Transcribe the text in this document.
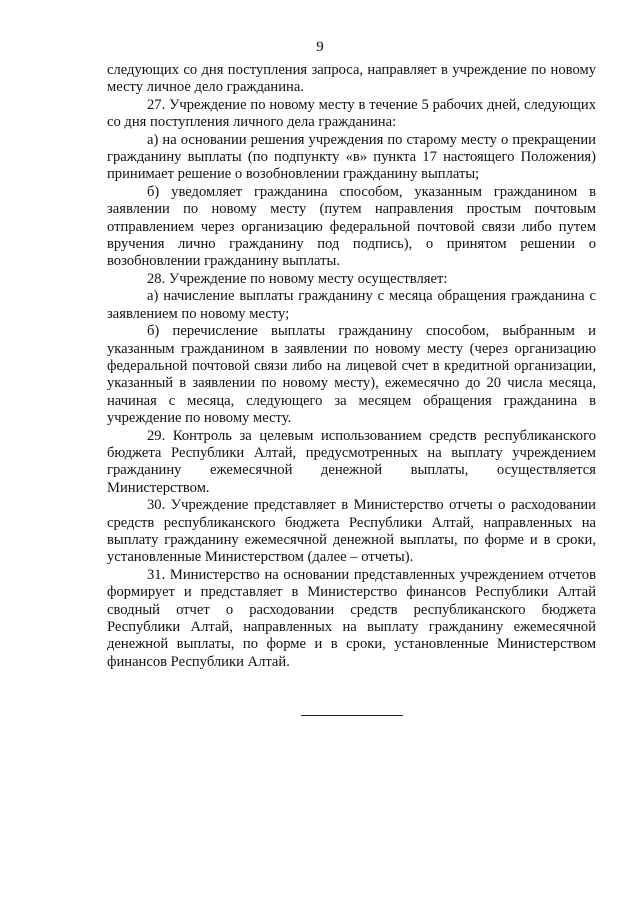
9

следующих со дня поступления запроса, направляет в учреждение по новому месту личное дело гражданина.

27. Учреждение по новому месту в течение 5 рабочих дней, следующих со дня поступления личного дела гражданина:

а) на основании решения учреждения по старому месту о прекращении гражданину выплаты (по подпункту «в» пункта 17 настоящего Положения) принимает решение о возобновлении гражданину выплаты;

б) уведомляет гражданина способом, указанным гражданином в заявлении по новому месту (путем направления простым почтовым отправлением через организацию федеральной почтовой связи либо путем вручения лично гражданину под подпись), о принятом решении о возобновлении гражданину выплаты.

28. Учреждение по новому месту осуществляет:

а) начисление выплаты гражданину с месяца обращения гражданина с заявлением по новому месту;

б) перечисление выплаты гражданину способом, выбранным и указанным гражданином в заявлении по новому месту (через организацию федеральной почтовой связи либо на лицевой счет в кредитной организации, указанный в заявлении по новому месту), ежемесячно до 20 числа месяца, начиная с месяца, следующего за месяцем обращения гражданина в учреждение по новому месту.

29. Контроль за целевым использованием средств республиканского бюджета Республики Алтай, предусмотренных на выплату учреждением гражданину ежемесячной денежной выплаты, осуществляется Министерством.

30. Учреждение представляет в Министерство отчеты о расходовании средств республиканского бюджета Республики Алтай, направленных на выплату гражданину ежемесячной денежной выплаты, по форме и в сроки, установленные Министерством (далее – отчеты).

31. Министерство на основании представленных учреждением отчетов формирует и представляет в Министерство финансов Республики Алтай сводный отчет о расходовании средств республиканского бюджета Республики Алтай, направленных на выплату гражданину ежемесячной денежной выплаты, по форме и в сроки, установленные Министерством финансов Республики Алтай.
